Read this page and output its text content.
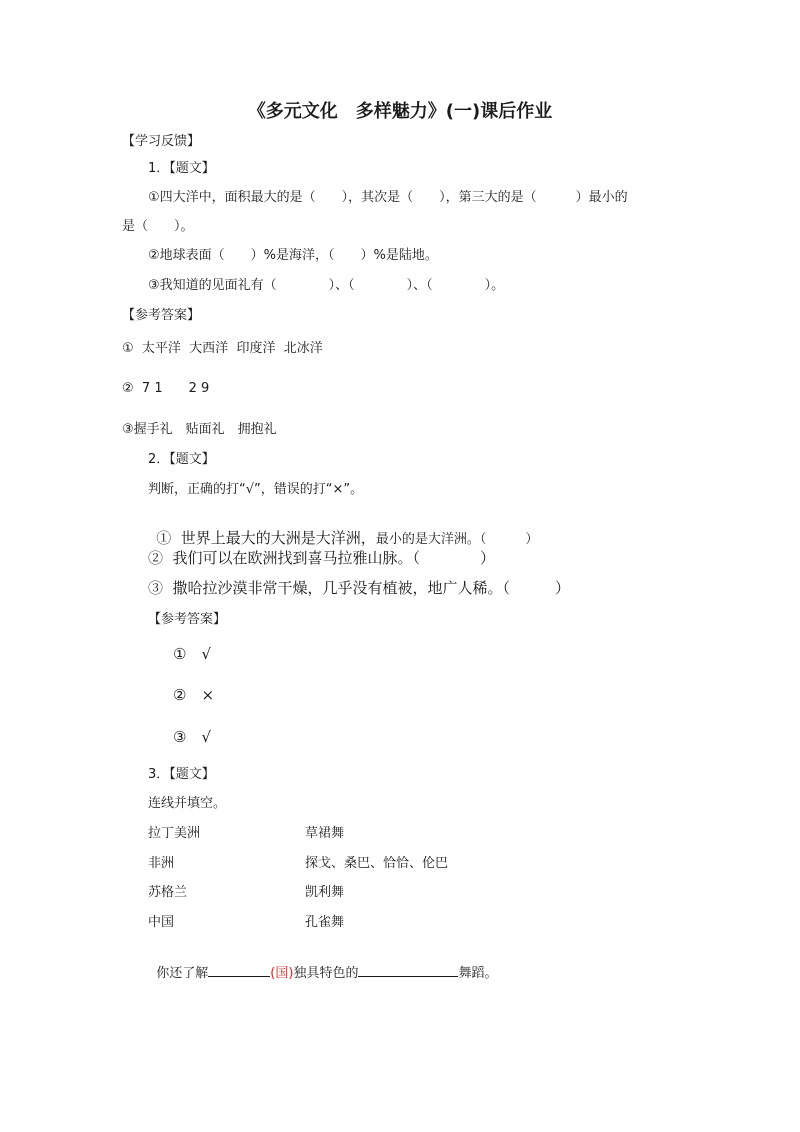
《多元文化　多样魅力》(一)课后作业
【学习反馈】
1．【题文】
①四大洋中，面积最大的是（　　），其次是（　　），第三大的是（　　　）最小的
是（　　）。
②地球表面（　　）%是海洋，（　　）%是陆地。
③我知道的见面礼有（　　　　）、（　　　　）、（　　　　）。
【参考答案】
①  太平洋  大西洋  印度洋  北冰洋
②  7 1　　2 9
③握手礼　贴面礼　拥抱礼
2．【题文】
判断，正确的打“√”，错误的打“×”。

①  世界上最大的大洲是大洋洲，最小的是大洋洲。（　　　）

②  我们可以在欧洲找到喜马拉雅山脉。（　　　　）
③  撒哈拉沙漠非常干燥，几乎没有植被，地广人稀。（　　　）
【参考答案】
①　√
②　×
③　√
3．【题文】
连线并填空。
拉丁美洲	草裙舞
非洲	探戈、桑巴、恰恰、伦巴
苏格兰	凯利舞
中国	孔雀舞

你还了解	(国)独具特色的	舞蹈。
